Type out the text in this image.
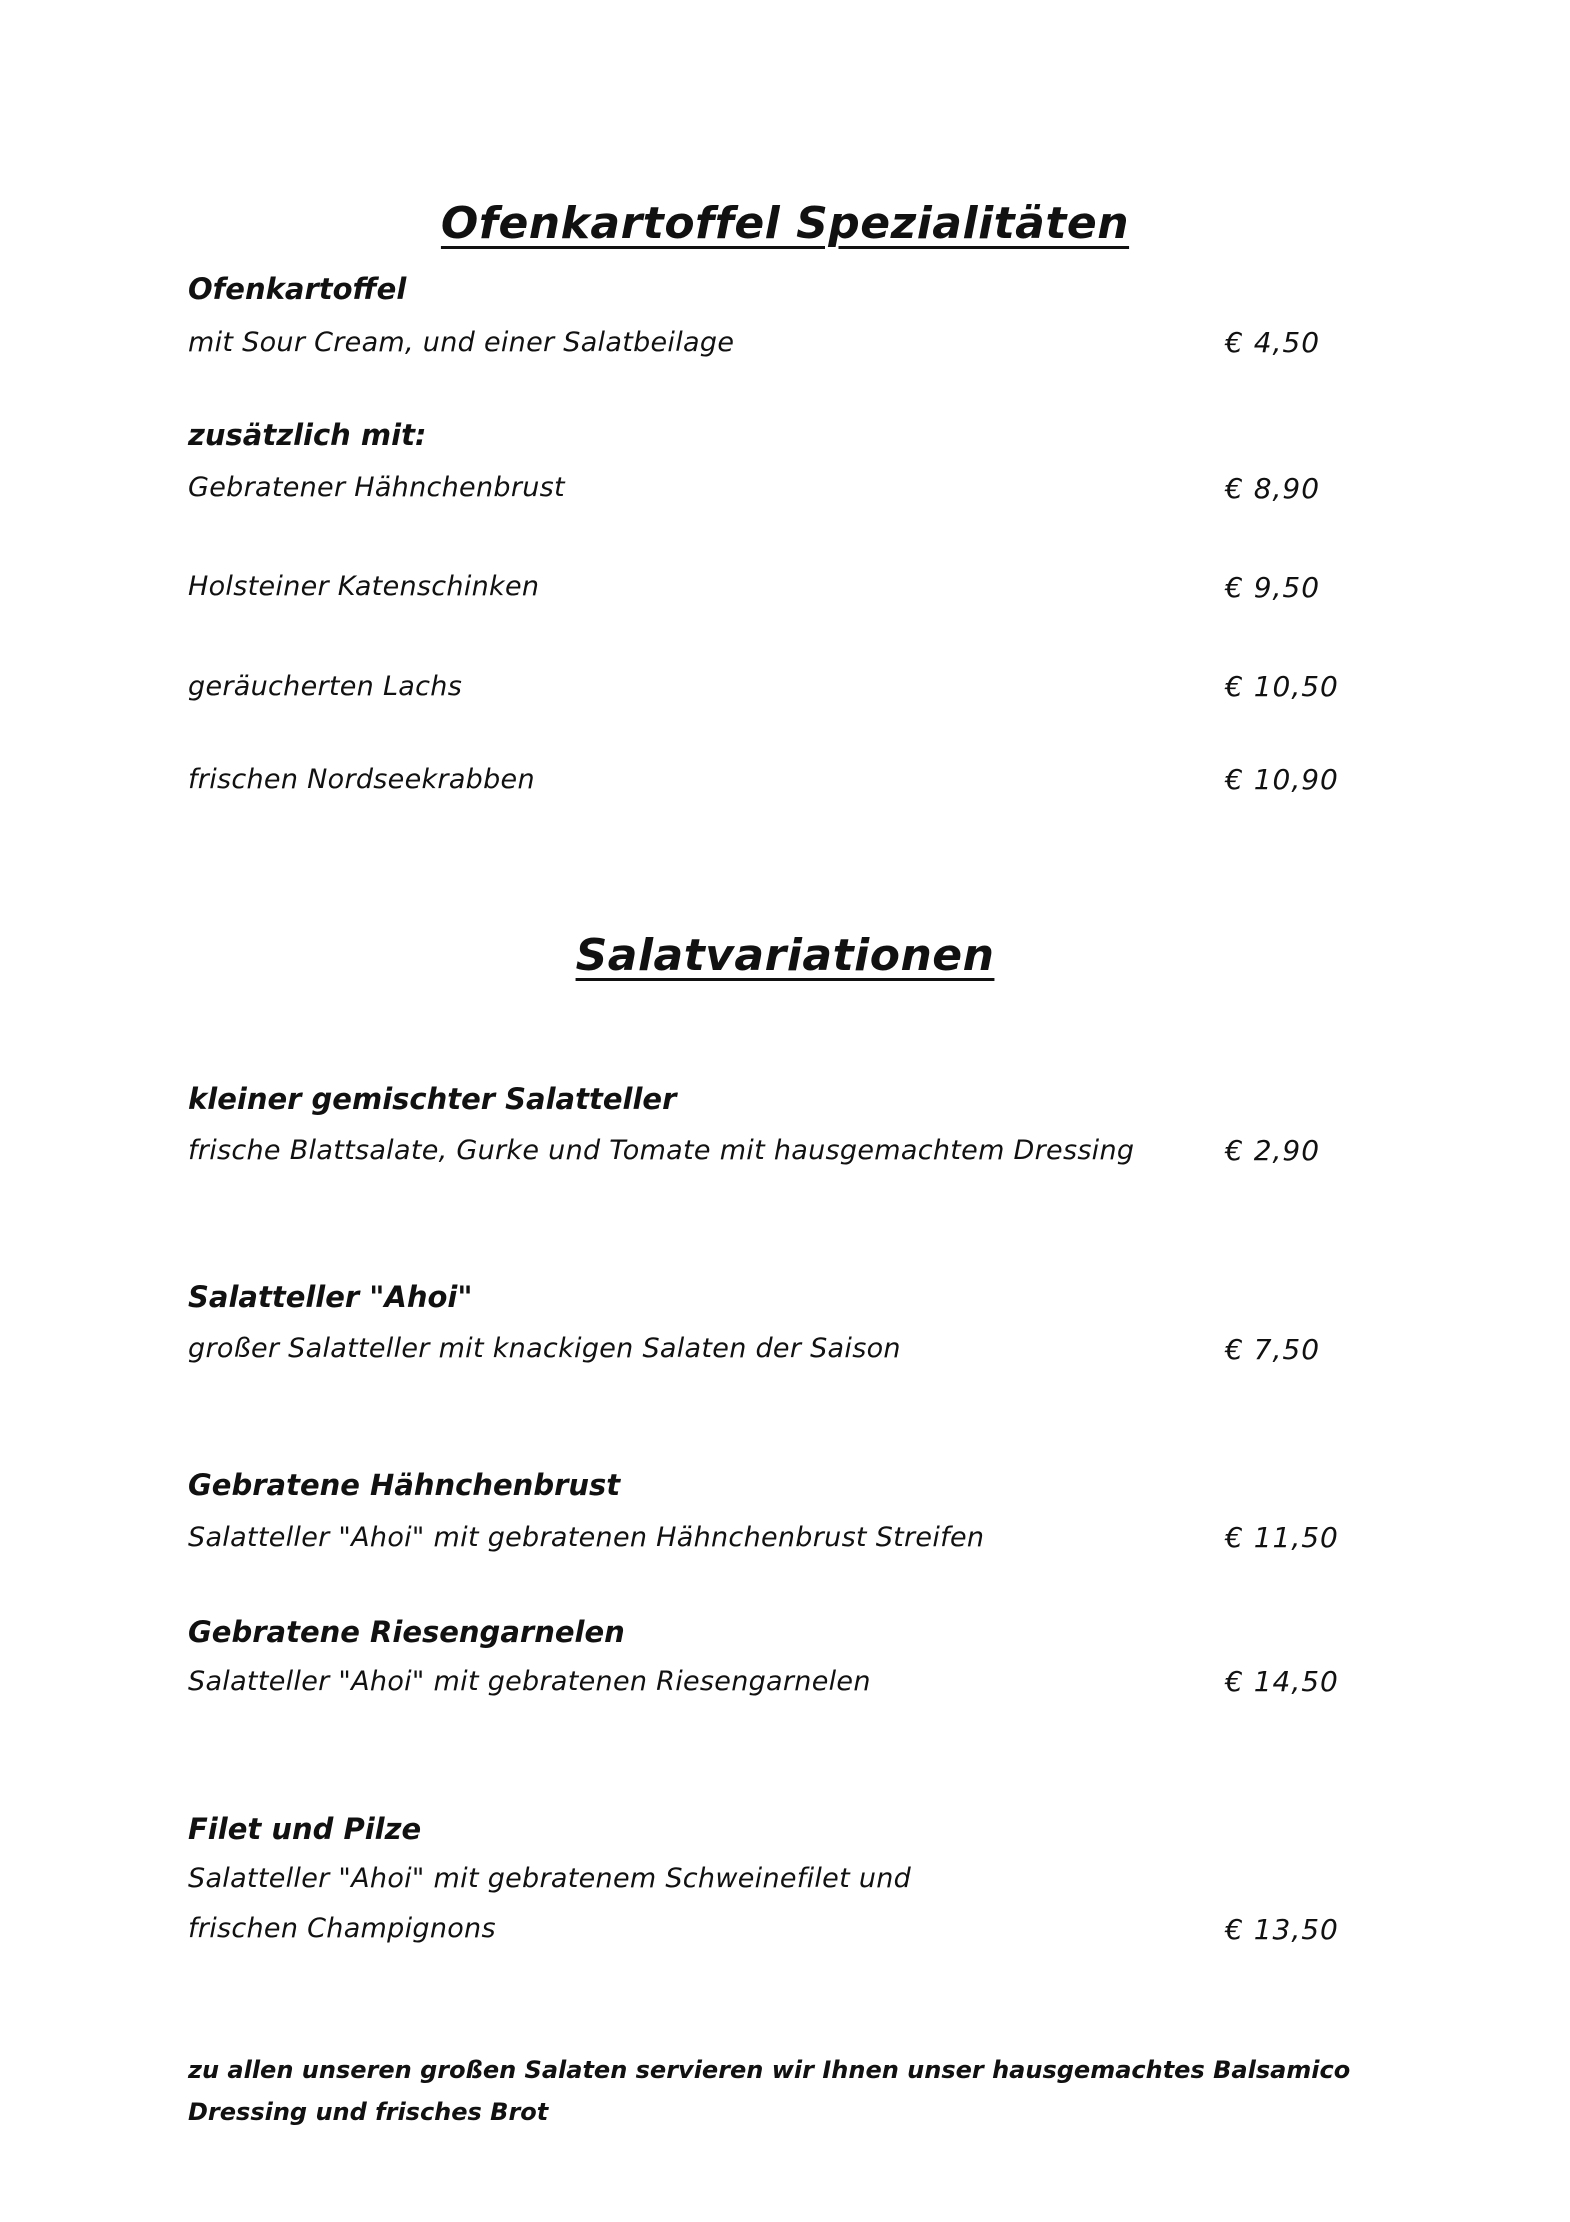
Ofenkartoffel Spezialitäten
Ofenkartoffel
mit Sour Cream, und einer Salatbeilage	€ 4,50
zusätzlich mit:
Gebratener Hähnchenbrust	€ 8,90
Holsteiner Katenschinken	€ 9,50
geräucherten Lachs	€ 10,50
frischen Nordseekrabben	€ 10,90
Salatvariationen
kleiner gemischter Salatteller
frische Blattsalate, Gurke und Tomate mit hausgemachtem Dressing	€ 2,90
Salatteller "Ahoi"
großer Salatteller mit knackigen Salaten der Saison	€ 7,50
Gebratene Hähnchenbrust
Salatteller "Ahoi" mit gebratenen Hähnchenbrust Streifen	€ 11,50
Gebratene Riesengarnelen
Salatteller "Ahoi" mit gebratenen Riesengarnelen	€ 14,50
Filet und Pilze
Salatteller "Ahoi" mit gebratenem Schweinefilet und
frischen Champignons	€ 13,50
zu allen unseren großen Salaten servieren wir Ihnen unser hausgemachtes Balsamico Dressing und frisches Brot
